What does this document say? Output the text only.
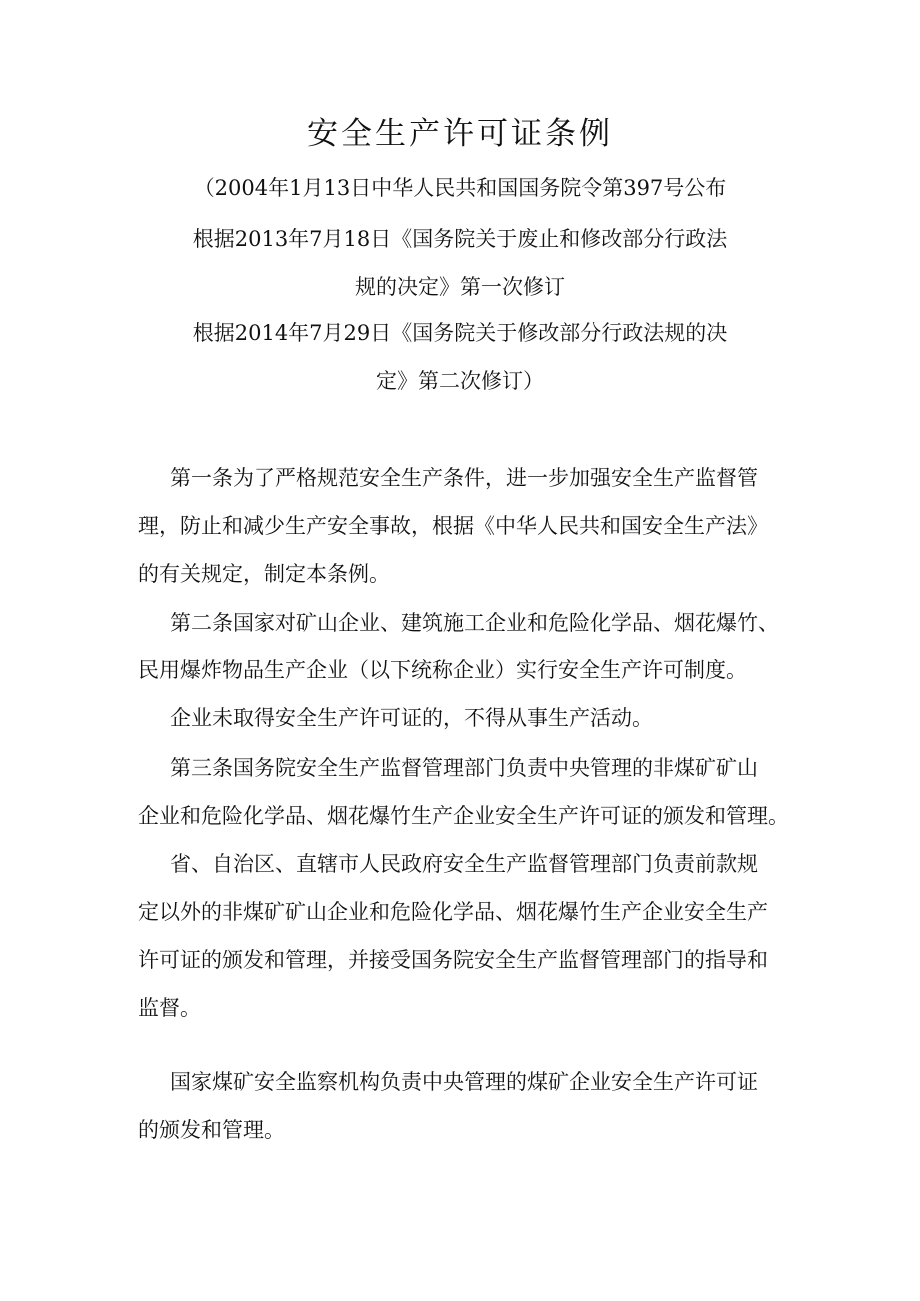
安全生产许可证条例

（2004年1月13日中华人民共和国国务院令第397号公布

根据2013年7月18日《国务院关于废止和修改部分行政法

规的决定》第一次修订

根据2014年7月29日《国务院关于修改部分行政法规的决

定》第二次修订）

第一条为了严格规范安全生产条件，进一步加强安全生产监督管

理，防止和减少生产安全事故，根据《中华人民共和国安全生产法》

的有关规定，制定本条例。

第二条国家对矿山企业、建筑施工企业和危险化学品、烟花爆竹、

民用爆炸物品生产企业（以下统称企业）实行安全生产许可制度。

企业未取得安全生产许可证的，不得从事生产活动。

第三条国务院安全生产监督管理部门负责中央管理的非煤矿矿山

企业和危险化学品、烟花爆竹生产企业安全生产许可证的颁发和管理。

省、自治区、直辖市人民政府安全生产监督管理部门负责前款规

定以外的非煤矿矿山企业和危险化学品、烟花爆竹生产企业安全生产

许可证的颁发和管理，并接受国务院安全生产监督管理部门的指导和

监督。

国家煤矿安全监察机构负责中央管理的煤矿企业安全生产许可证

的颁发和管理。
